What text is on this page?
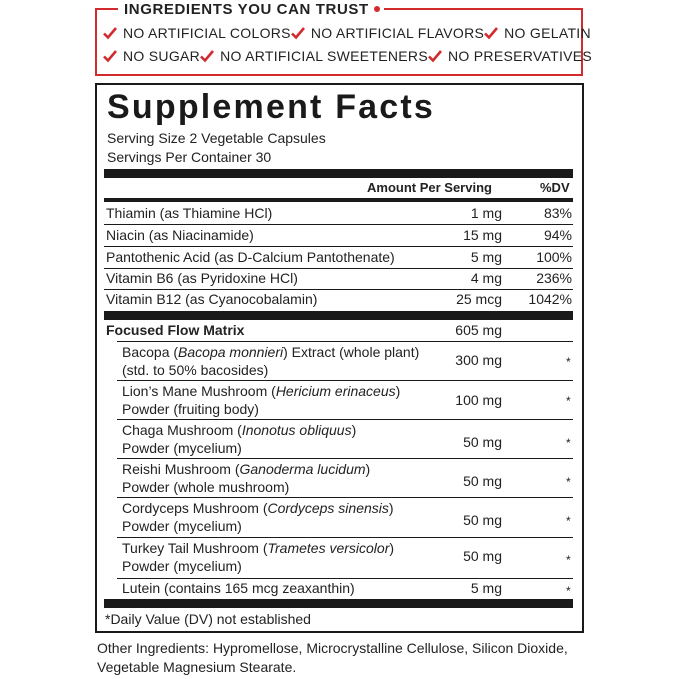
INGREDIENTS YOU CAN TRUST
NO ARTIFICIAL COLORS NO ARTIFICIAL FLAVORS NO GELATIN
NO SUGAR NO ARTIFICIAL SWEETENERS NO PRESERVATIVES
Supplement Facts
Serving Size 2 Vegetable Capsules
Servings Per Container 30
Amount Per Serving	%DV
Thiamin (as Thiamine HCl)	1 mg	83%
Niacin (as Niacinamide)	15 mg	94%
Pantothenic Acid (as D-Calcium Pantothenate)	5 mg	100%
Vitamin B6 (as Pyridoxine HCl)	4 mg	236%
Vitamin B12 (as Cyanocobalamin)	25 mcg	1042%
Focused Flow Matrix	605 mg
Bacopa (Bacopa monnieri) Extract (whole plant)
(std. to 50% bacosides)
300 mg	*
Lion’s Mane Mushroom (Hericium erinaceus)
Powder (fruiting body)
100 mg	*
Chaga Mushroom (Inonotus obliquus)
Powder (mycelium)	50 mg	*
Reishi Mushroom (Ganoderma lucidum)
Powder (whole mushroom)	50 mg	*
Cordyceps Mushroom (Cordyceps sinensis)
Powder (mycelium)	50 mg	*
Turkey Tail Mushroom (Trametes versicolor)
Powder (mycelium)
50 mg	*
Lutein (contains 165 mcg zeaxanthin)	5 mg	*
*Daily Value (DV) not established
Other Ingredients: Hypromellose, Microcrystalline Cellulose, Silicon Dioxide, Vegetable Magnesium Stearate.
